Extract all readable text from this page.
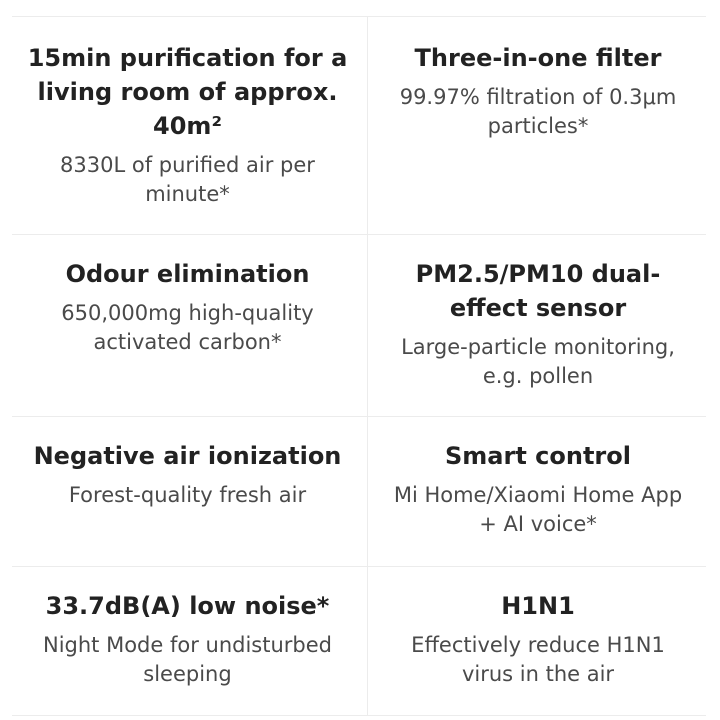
15min purification for a living room of approx. 40m²
8330L of purified air per minute*
Three-in-one filter
99.97% filtration of 0.3μm particles*
Odour elimination
650,000mg high-quality activated carbon*
PM2.5/PM10 dual-effect sensor
Large-particle monitoring, e.g. pollen
Negative air ionization
Forest-quality fresh air
Smart control
Mi Home/Xiaomi Home App + AI voice*
33.7dB(A) low noise*
Night Mode for undisturbed sleeping
H1N1
Effectively reduce H1N1 virus in the air
